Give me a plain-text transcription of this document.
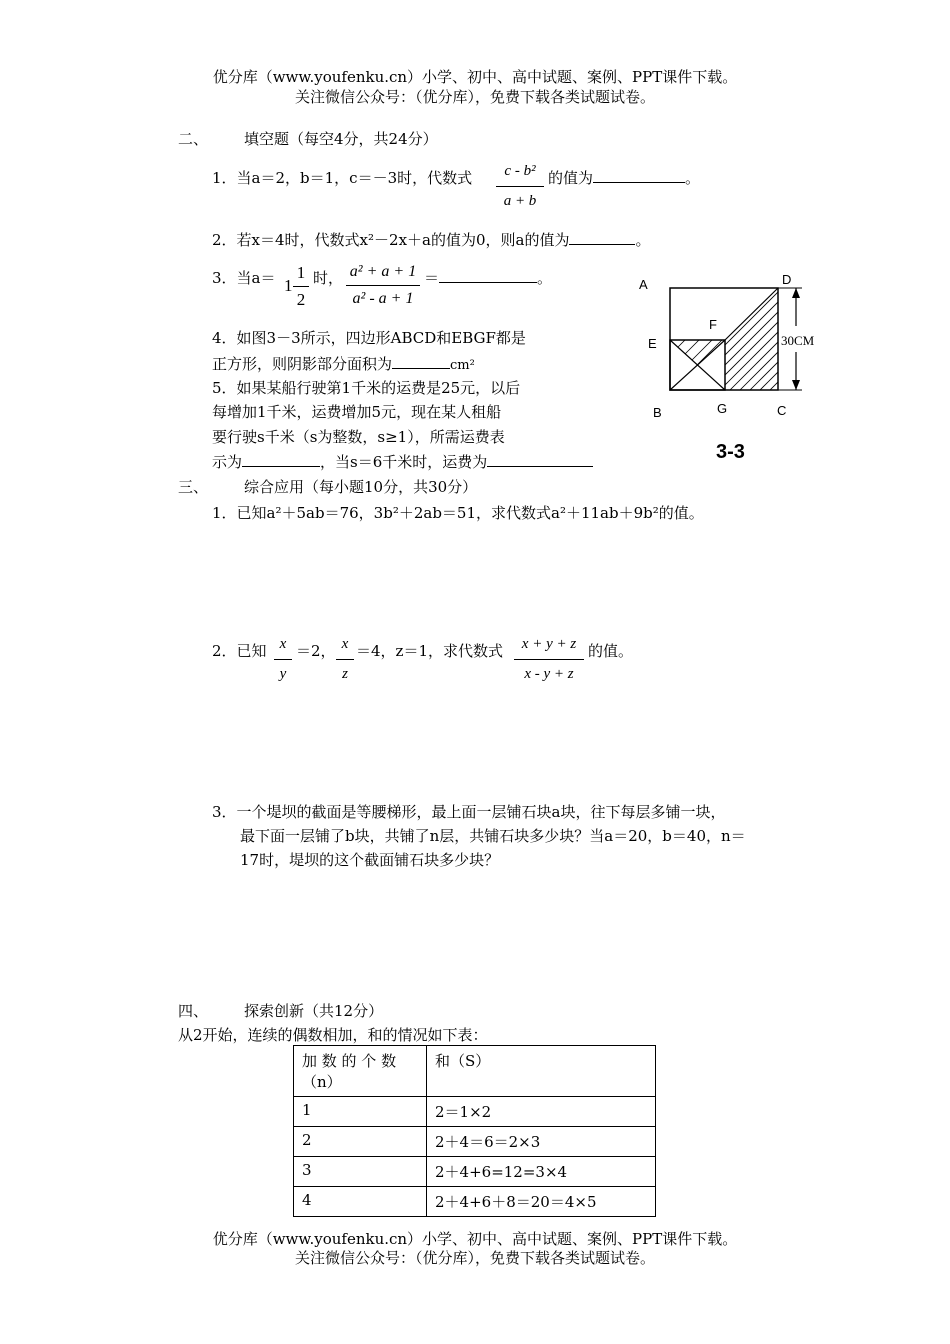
优分库（www.youfenku.cn）小学、初中、高中试题、案例、PPT课件下载。
关注微信公众号：（优分库），免费下载各类试题试卷。
二、 填空题（每空4分，共24分）
1．当a＝2，b＝1，c＝－3时，代数式 $\frac{\text{c - b²}}{a + b}$ 的值为	。
2．若x＝4时，代数式x²－2x＋a的值为0，则a的值为	。
3．当$a= 1 \frac{1}{2}$ 时， $\frac{\text{a² + a + 1}}{\text{a² - a + 1}}$ ＝	。
4．如图3－3所示，四边形ABCD和EBGF都是
正方形，则阴影部分面积为	cm²
5．如果某船行驶第1千米的运费是25元，以后
每增加1千米，运费增加5元，现在某人租船
要行驶s千米（s为整数，s≥1），所需运费表
示为	，当s＝6千米时，运费为
A	D
F
E
B	G	C
30CM
3-3
三、 综合应用（每小题10分，共30分）
1．已知a²＋5ab＝76，3b²＋2ab＝51，求代数式a²＋11ab＋9b²的值。
2．已知 $\frac{x}{y} =2$， $\frac{x}{z} =4$，z＝1，求代数式 $\frac{x + y + z}{x - y + z}$ 的值。
3．一个堤坝的截面是等腰梯形，最上面一层铺石块a块，往下每层多铺一块，
最下面一层铺了b块，共铺了n层，共铺石块多少块？当a＝20，b＝40，n＝
17时，堤坝的这个截面铺石块多少块？
四、 探索创新（共12分）
从2开始，连续的偶数相加，和的情况如下表：
加 数 的 个 数
（n）	和（S）
1	2＝1×2
2	2＋4＝6＝2×3
3	2＋4+6=12=3×4
4	2＋4+6＋8＝20＝4×5
优分库（www.youfenku.cn）小学、初中、高中试题、案例、PPT课件下载。
关注微信公众号：（优分库），免费下载各类试题试卷。
